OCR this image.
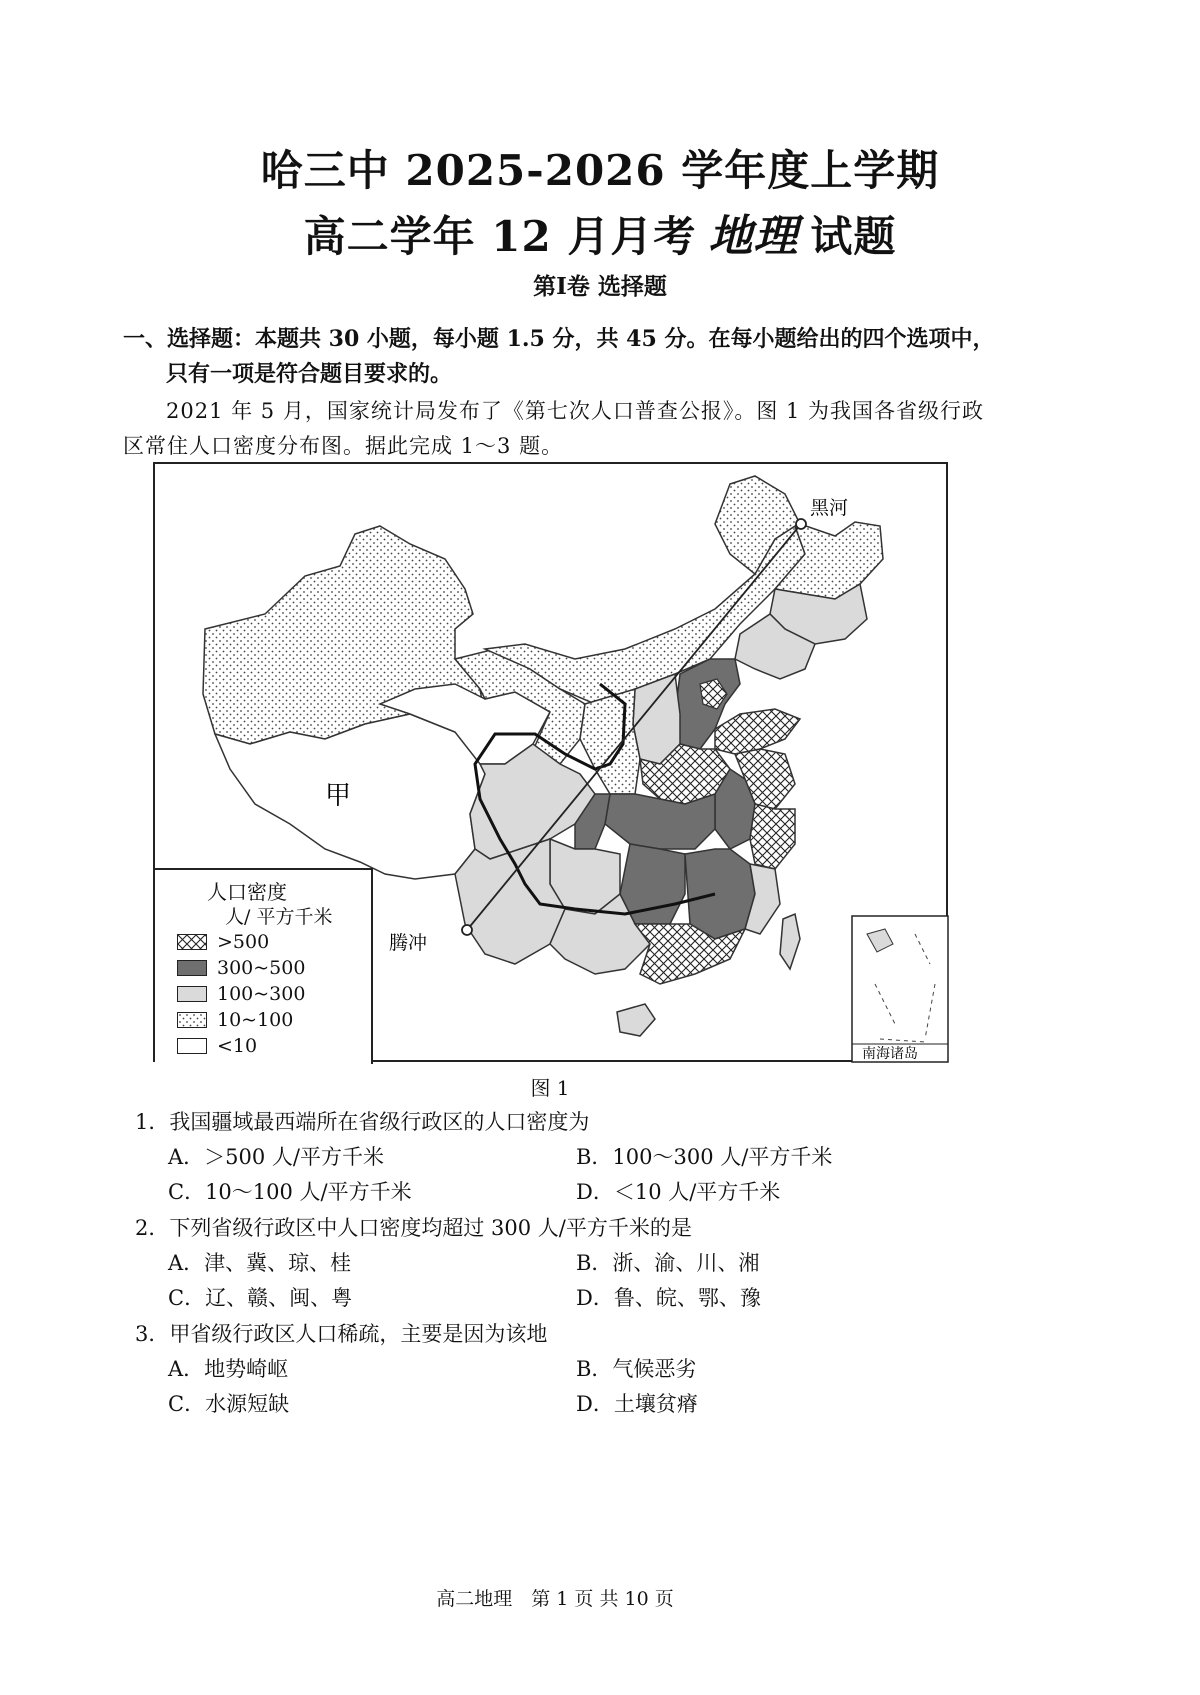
哈三中 2025-2026 学年度上学期
高二学年 12 月月考 地理 试题
第Ⅰ卷 选择题
一、选择题：本题共 30 小题，每小题 1.5 分，共 45 分。在每小题给出的四个选项中，
只有一项是符合题目要求的。
2021 年 5 月，国家统计局发布了《第七次人口普查公报》。图 1 为我国各省级行政
区常住人口密度分布图。据此完成 1～3 题。
黑河
腾冲
甲
南海诸岛
人口密度
人/ 平方千米
>500
300~500
100~300
10~100
<10
图 1
1．我国疆域最西端所在省级行政区的人口密度为
A．＞500 人/平方千米	B．100～300 人/平方千米
C．10～100 人/平方千米	D．＜10 人/平方千米
2．下列省级行政区中人口密度均超过 300 人/平方千米的是
A．津、冀、琼、桂	B．浙、渝、川、湘
C．辽、赣、闽、粤	D．鲁、皖、鄂、豫
3．甲省级行政区人口稀疏，主要是因为该地
A．地势崎岖	B．气候恶劣
C．水源短缺	D．土壤贫瘠
高二地理　第 1 页 共 10 页
